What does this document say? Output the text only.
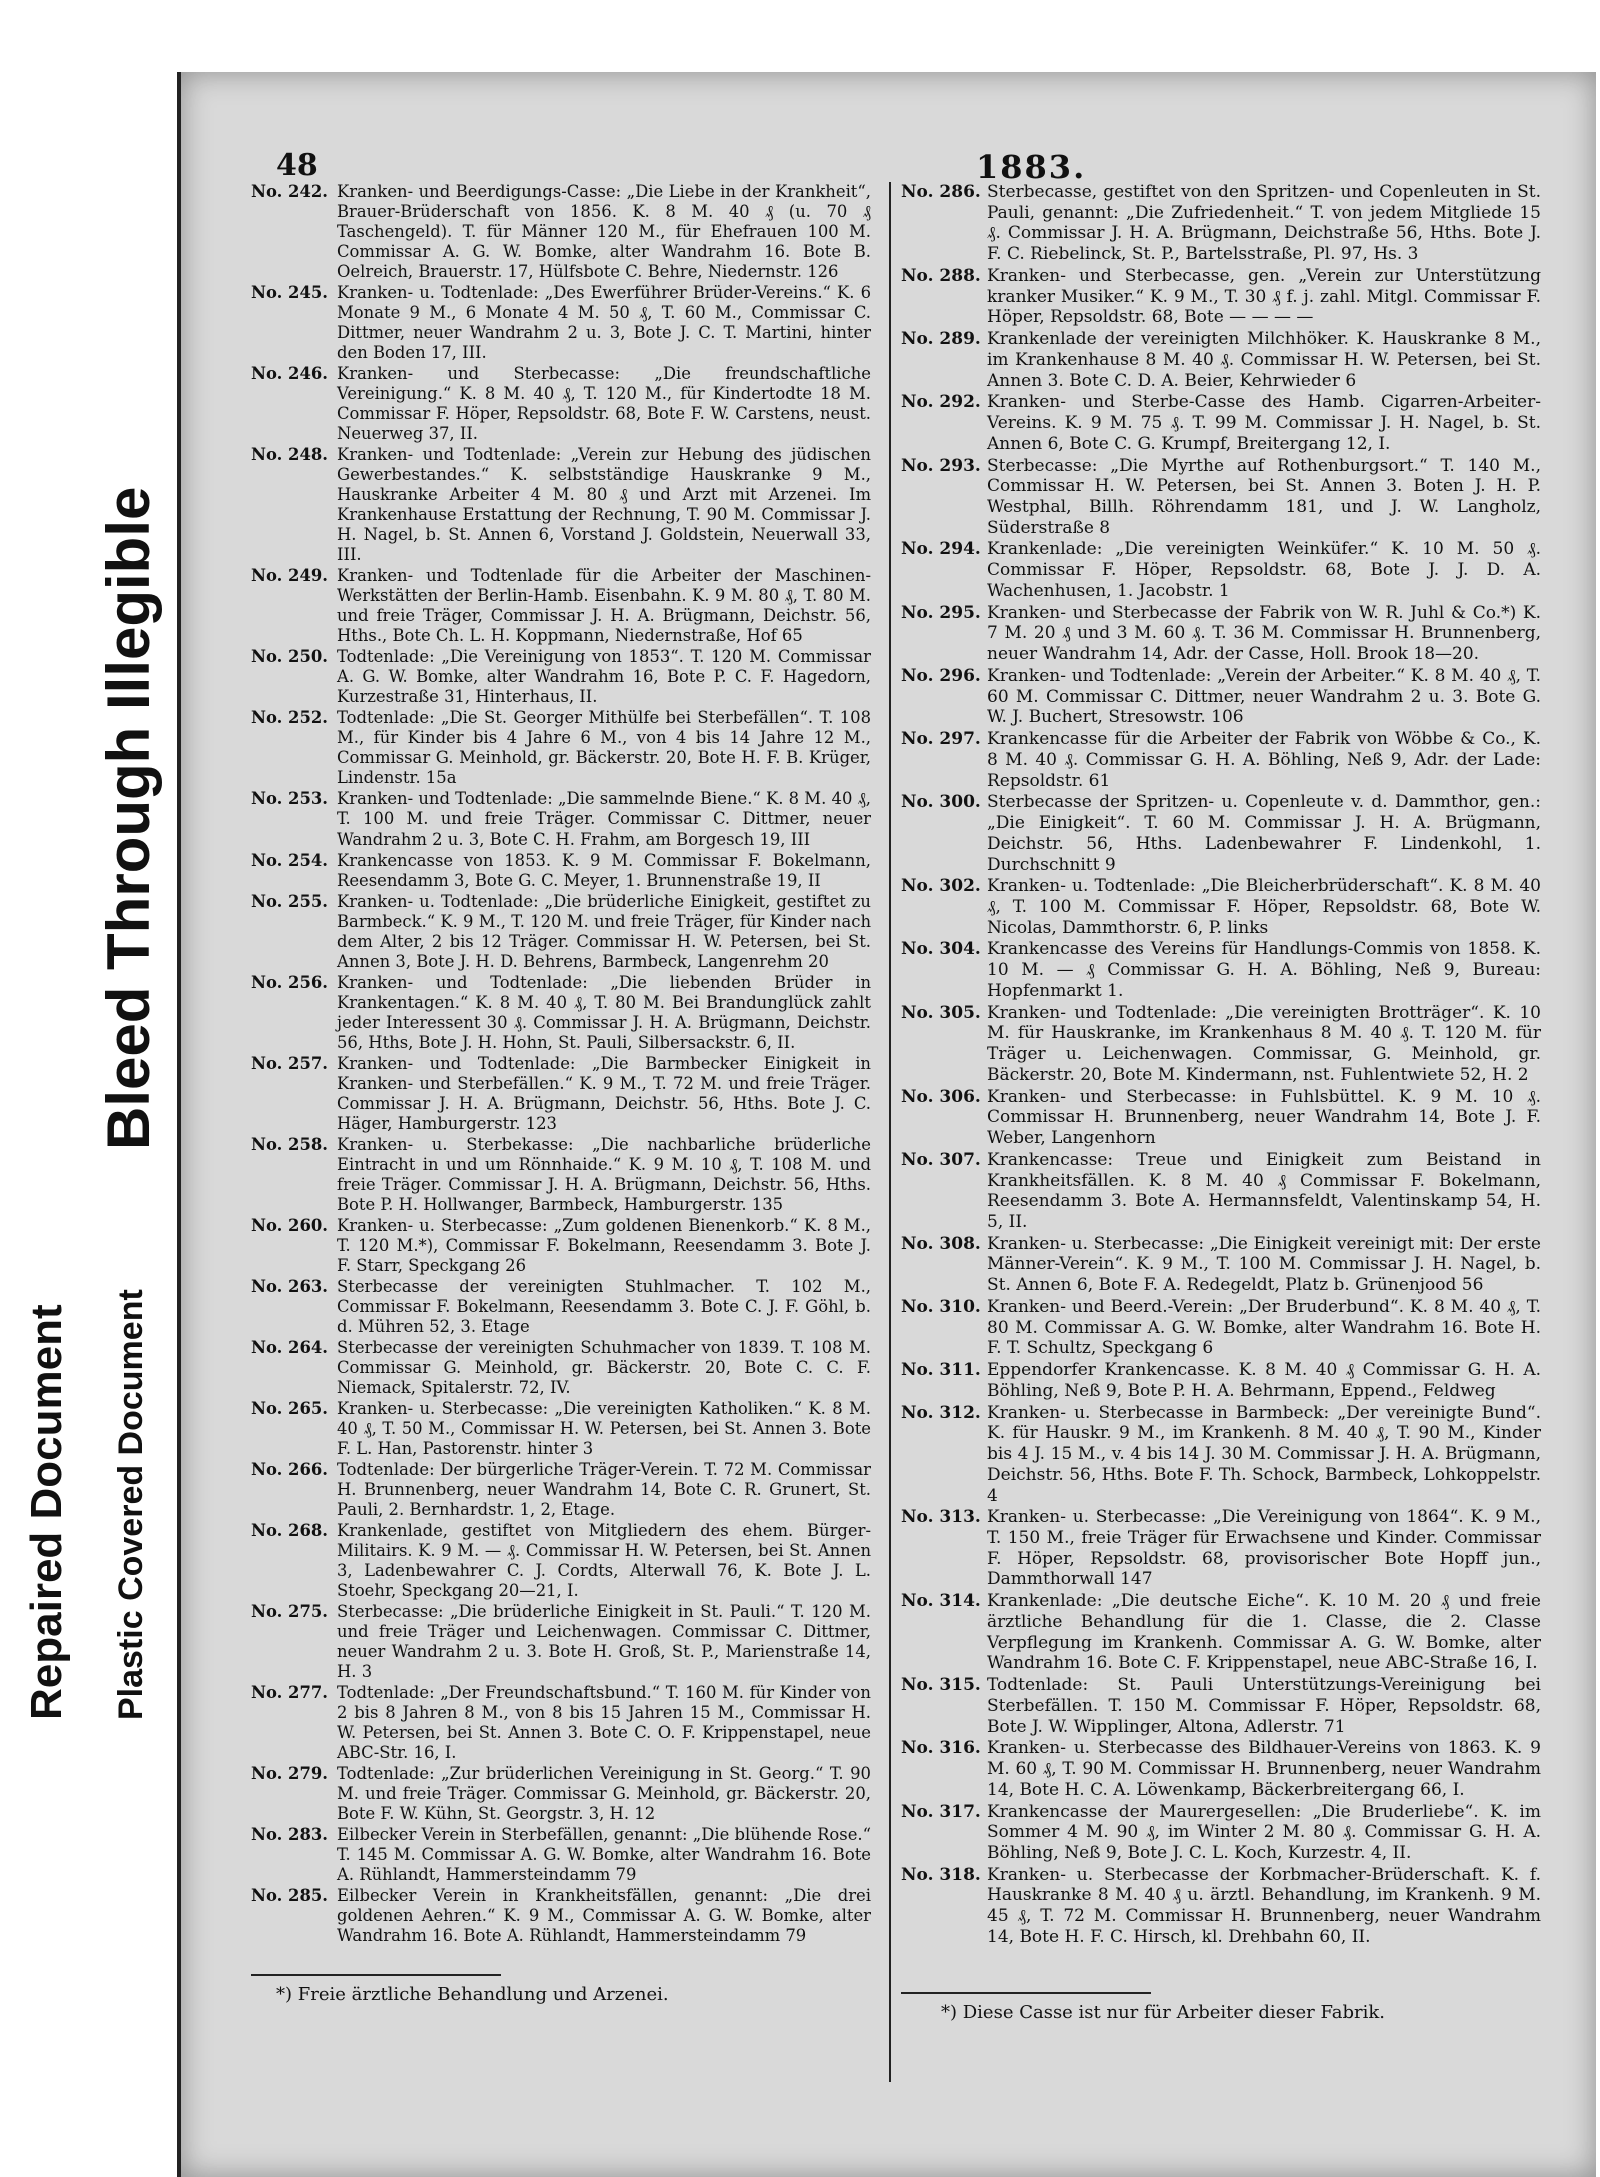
Repaired Document Plastic Covered Document
Bleed Through Illegible
48	1883.
No. 242. Kranken- und Beerdigungs-Casse: „Die Liebe in der Krankheit“, Brauer-Brüderschaft von 1856. K. 8 M. 40 ₰ (u. 70 ₰ Taschengeld). T. für Männer 120 M., für Ehefrauen 100 M. Commissar A. G. W. Bomke, alter Wandrahm 16. Bote B. Oelreich, Brauerstr. 17, Hülfsbote C. Behre, Niedernstr. 126
No. 245. Kranken- u. Todtenlade: „Des Ewerführer Brüder-Vereins.“ K. 6 Monate 9 M., 6 Monate 4 M. 50 ₰, T. 60 M., Commissar C. Dittmer, neuer Wandrahm 2 u. 3, Bote J. C. T. Martini, hinter den Boden 17, III.
No. 246. Kranken- und Sterbecasse: „Die freundschaftliche Vereinigung.“ K. 8 M. 40 ₰, T. 120 M., für Kindertodte 18 M. Commissar F. Höper, Repsoldstr. 68, Bote F. W. Carstens, neust. Neuerweg 37, II.
No. 248. Kranken- und Todtenlade: „Verein zur Hebung des jüdischen Gewerbestandes.“ K. selbstständige Hauskranke 9 M., Hauskranke Arbeiter 4 M. 80 ₰ und Arzt mit Arzenei. Im Krankenhause Erstattung der Rechnung, T. 90 M. Commissar J. H. Nagel, b. St. Annen 6, Vorstand J. Goldstein, Neuerwall 33, III.
No. 249. Kranken- und Todtenlade für die Arbeiter der Maschinen-Werkstätten der Berlin-Hamb. Eisenbahn. K. 9 M. 80 ₰, T. 80 M. und freie Träger, Commissar J. H. A. Brügmann, Deichstr. 56, Hths., Bote Ch. L. H. Koppmann, Niedernstraße, Hof 65
No. 250. Todtenlade: „Die Vereinigung von 1853“. T. 120 M. Commissar A. G. W. Bomke, alter Wandrahm 16, Bote P. C. F. Hagedorn, Kurzestraße 31, Hinterhaus, II.
No. 252. Todtenlade: „Die St. Georger Mithülfe bei Sterbefällen“. T. 108 M., für Kinder bis 4 Jahre 6 M., von 4 bis 14 Jahre 12 M., Commissar G. Meinhold, gr. Bäckerstr. 20, Bote H. F. B. Krüger, Lindenstr. 15a
No. 253. Kranken- und Todtenlade: „Die sammelnde Biene.“ K. 8 M. 40 ₰, T. 100 M. und freie Träger. Commissar C. Dittmer, neuer Wandrahm 2 u. 3, Bote C. H. Frahm, am Borgesch 19, III
No. 254. Krankencasse von 1853. K. 9 M. Commissar F. Bokelmann, Reesendamm 3, Bote G. C. Meyer, 1. Brunnenstraße 19, II
No. 255. Kranken- u. Todtenlade: „Die brüderliche Einigkeit, gestiftet zu Barmbeck.“ K. 9 M., T. 120 M. und freie Träger, für Kinder nach dem Alter, 2 bis 12 Träger. Commissar H. W. Petersen, bei St. Annen 3, Bote J. H. D. Behrens, Barmbeck, Langenrehm 20
No. 256. Kranken- und Todtenlade: „Die liebenden Brüder in Krankentagen.“ K. 8 M. 40 ₰, T. 80 M. Bei Brandunglück zahlt jeder Interessent 30 ₰. Commissar J. H. A. Brügmann, Deichstr. 56, Hths, Bote J. H. Hohn, St. Pauli, Silbersackstr. 6, II.
No. 257. Kranken- und Todtenlade: „Die Barmbecker Einigkeit in Kranken- und Sterbefällen.“ K. 9 M., T. 72 M. und freie Träger. Commissar J. H. A. Brügmann, Deichstr. 56, Hths. Bote J. C. Häger, Hamburgerstr. 123
No. 258. Kranken- u. Sterbekasse: „Die nachbarliche brüderliche Eintracht in und um Rönnhaide.“ K. 9 M. 10 ₰, T. 108 M. und freie Träger. Commissar J. H. A. Brügmann, Deichstr. 56, Hths. Bote P. H. Hollwanger, Barmbeck, Hamburgerstr. 135
No. 260. Kranken- u. Sterbecasse: „Zum goldenen Bienenkorb.“ K. 8 M., T. 120 M.*), Commissar F. Bokelmann, Reesendamm 3. Bote J. F. Starr, Speckgang 26
No. 263. Sterbecasse der vereinigten Stuhlmacher. T. 102 M., Commissar F. Bokelmann, Reesendamm 3. Bote C. J. F. Göhl, b. d. Mühren 52, 3. Etage
No. 264. Sterbecasse der vereinigten Schuhmacher von 1839. T. 108 M. Commissar G. Meinhold, gr. Bäckerstr. 20, Bote C. C. F. Niemack, Spitalerstr. 72, IV.
No. 265. Kranken- u. Sterbecasse: „Die vereinigten Katholiken.“ K. 8 M. 40 ₰, T. 50 M., Commissar H. W. Petersen, bei St. Annen 3. Bote F. L. Han, Pastorenstr. hinter 3
No. 266. Todtenlade: Der bürgerliche Träger-Verein. T. 72 M. Commissar H. Brunnenberg, neuer Wandrahm 14, Bote C. R. Grunert, St. Pauli, 2. Bernhardstr. 1, 2, Etage.
No. 268. Krankenlade, gestiftet von Mitgliedern des ehem. Bürger-Militairs. K. 9 M. — ₰. Commissar H. W. Petersen, bei St. Annen 3, Ladenbewahrer C. J. Cordts, Alterwall 76, K. Bote J. L. Stoehr, Speckgang 20—21, I.
No. 275. Sterbecasse: „Die brüderliche Einigkeit in St. Pauli.“ T. 120 M. und freie Träger und Leichenwagen. Commissar C. Dittmer, neuer Wandrahm 2 u. 3. Bote H. Groß, St. P., Marienstraße 14, H. 3
No. 277. Todtenlade: „Der Freundschaftsbund.“ T. 160 M. für Kinder von 2 bis 8 Jahren 8 M., von 8 bis 15 Jahren 15 M., Commissar H. W. Petersen, bei St. Annen 3. Bote C. O. F. Krippenstapel, neue ABC-Str. 16, I.
No. 279. Todtenlade: „Zur brüderlichen Vereinigung in St. Georg.“ T. 90 M. und freie Träger. Commissar G. Meinhold, gr. Bäckerstr. 20, Bote F. W. Kühn, St. Georgstr. 3, H. 12
No. 283. Eilbecker Verein in Sterbefällen, genannt: „Die blühende Rose.“ T. 145 M. Commissar A. G. W. Bomke, alter Wandrahm 16. Bote A. Rühlandt, Hammersteindamm 79
No. 285. Eilbecker Verein in Krankheitsfällen, genannt: „Die drei goldenen Aehren.“ K. 9 M., Commissar A. G. W. Bomke, alter Wandrahm 16. Bote A. Rühlandt, Hammersteindamm 79
No. 286. Sterbecasse, gestiftet von den Spritzen- und Copenleuten in St. Pauli, genannt: „Die Zufriedenheit.“ T. von jedem Mitgliede 15 ₰. Commissar J. H. A. Brügmann, Deichstraße 56, Hths. Bote J. F. C. Riebelinck, St. P., Bartelsstraße, Pl. 97, Hs. 3
No. 288. Kranken- und Sterbecasse, gen. „Verein zur Unterstützung kranker Musiker.“ K. 9 M., T. 30 ₰ f. j. zahl. Mitgl. Commissar F. Höper, Repsoldstr. 68, Bote — — — —
No. 289. Krankenlade der vereinigten Milchhöker. K. Hauskranke 8 M., im Krankenhause 8 M. 40 ₰. Commissar H. W. Petersen, bei St. Annen 3. Bote C. D. A. Beier, Kehrwieder 6
No. 292. Kranken- und Sterbe-Casse des Hamb. Cigarren-Arbeiter-Vereins. K. 9 M. 75 ₰. T. 99 M. Commissar J. H. Nagel, b. St. Annen 6, Bote C. G. Krumpf, Breitergang 12, I.
No. 293. Sterbecasse: „Die Myrthe auf Rothenburgsort.“ T. 140 M., Commissar H. W. Petersen, bei St. Annen 3. Boten J. H. P. Westphal, Billh. Röhrendamm 181, und J. W. Langholz, Süderstraße 8
No. 294. Krankenlade: „Die vereinigten Weinküfer.“ K. 10 M. 50 ₰. Commissar F. Höper, Repsoldstr. 68, Bote J. J. D. A. Wachenhusen, 1. Jacobstr. 1
No. 295. Kranken- und Sterbecasse der Fabrik von W. R. Juhl & Co.*) K. 7 M. 20 ₰ und 3 M. 60 ₰. T. 36 M. Commissar H. Brunnenberg, neuer Wandrahm 14, Adr. der Casse, Holl. Brook 18—20.
No. 296. Kranken- und Todtenlade: „Verein der Arbeiter.“ K. 8 M. 40 ₰, T. 60 M. Commissar C. Dittmer, neuer Wandrahm 2 u. 3. Bote G. W. J. Buchert, Stresowstr. 106
No. 297. Krankencasse für die Arbeiter der Fabrik von Wöbbe & Co., K. 8 M. 40 ₰. Commissar G. H. A. Böhling, Neß 9, Adr. der Lade: Repsoldstr. 61
No. 300. Sterbecasse der Spritzen- u. Copenleute v. d. Dammthor, gen.: „Die Einigkeit“. T. 60 M. Commissar J. H. A. Brügmann, Deichstr. 56, Hths. Ladenbewahrer F. Lindenkohl, 1. Durchschnitt 9
No. 302. Kranken- u. Todtenlade: „Die Bleicherbrüderschaft“. K. 8 M. 40 ₰, T. 100 M. Commissar F. Höper, Repsoldstr. 68, Bote W. Nicolas, Dammthorstr. 6, P. links
No. 304. Krankencasse des Vereins für Handlungs-Commis von 1858. K. 10 M. — ₰ Commissar G. H. A. Böhling, Neß 9, Bureau: Hopfenmarkt 1.
No. 305. Kranken- und Todtenlade: „Die vereinigten Brotträger“. K. 10 M. für Hauskranke, im Krankenhaus 8 M. 40 ₰. T. 120 M. für Träger u. Leichenwagen. Commissar, G. Meinhold, gr. Bäckerstr. 20, Bote M. Kindermann, nst. Fuhlentwiete 52, H. 2
No. 306. Kranken- und Sterbecasse: in Fuhlsbüttel. K. 9 M. 10 ₰. Commissar H. Brunnenberg, neuer Wandrahm 14, Bote J. F. Weber, Langenhorn
No. 307. Krankencasse: Treue und Einigkeit zum Beistand in Krankheitsfällen. K. 8 M. 40 ₰ Commissar F. Bokelmann, Reesendamm 3. Bote A. Hermannsfeldt, Valentinskamp 54, H. 5, II.
No. 308. Kranken- u. Sterbecasse: „Die Einigkeit vereinigt mit: Der erste Männer-Verein“. K. 9 M., T. 100 M. Commissar J. H. Nagel, b. St. Annen 6, Bote F. A. Redegeldt, Platz b. Grünenjood 56
No. 310. Kranken- und Beerd.-Verein: „Der Bruderbund“. K. 8 M. 40 ₰, T. 80 M. Commissar A. G. W. Bomke, alter Wandrahm 16. Bote H. F. T. Schultz, Speckgang 6
No. 311. Eppendorfer Krankencasse. K. 8 M. 40 ₰ Commissar G. H. A. Böhling, Neß 9, Bote P. H. A. Behrmann, Eppend., Feldweg
No. 312. Kranken- u. Sterbecasse in Barmbeck: „Der vereinigte Bund“. K. für Hauskr. 9 M., im Krankenh. 8 M. 40 ₰, T. 90 M., Kinder bis 4 J. 15 M., v. 4 bis 14 J. 30 M. Commissar J. H. A. Brügmann, Deichstr. 56, Hths. Bote F. Th. Schock, Barmbeck, Lohkoppelstr. 4
No. 313. Kranken- u. Sterbecasse: „Die Vereinigung von 1864“. K. 9 M., T. 150 M., freie Träger für Erwachsene und Kinder. Commissar F. Höper, Repsoldstr. 68, provisorischer Bote Hopff jun., Dammthorwall 147
No. 314. Krankenlade: „Die deutsche Eiche“. K. 10 M. 20 ₰ und freie ärztliche Behandlung für die 1. Classe, die 2. Classe Verpflegung im Krankenh. Commissar A. G. W. Bomke, alter Wandrahm 16. Bote C. F. Krippenstapel, neue ABC-Straße 16, I.
No. 315. Todtenlade: St. Pauli Unterstützungs-Vereinigung bei Sterbefällen. T. 150 M. Commissar F. Höper, Repsoldstr. 68, Bote J. W. Wipplinger, Altona, Adlerstr. 71
No. 316. Kranken- u. Sterbecasse des Bildhauer-Vereins von 1863. K. 9 M. 60 ₰, T. 90 M. Commissar H. Brunnenberg, neuer Wandrahm 14, Bote H. C. A. Löwenkamp, Bäckerbreitergang 66, I.
No. 317. Krankencasse der Maurergesellen: „Die Bruderliebe“. K. im Sommer 4 M. 90 ₰, im Winter 2 M. 80 ₰. Commissar G. H. A. Böhling, Neß 9, Bote J. C. L. Koch, Kurzestr. 4, II.
No. 318. Kranken- u. Sterbecasse der Korbmacher-Brüderschaft. K. f. Hauskranke 8 M. 40 ₰ u. ärztl. Behandlung, im Krankenh. 9 M. 45 ₰, T. 72 M. Commissar H. Brunnenberg, neuer Wandrahm 14, Bote H. F. C. Hirsch, kl. Drehbahn 60, II.
*) Freie ärztliche Behandlung und Arzenei.
*) Diese Casse ist nur für Arbeiter dieser Fabrik.
